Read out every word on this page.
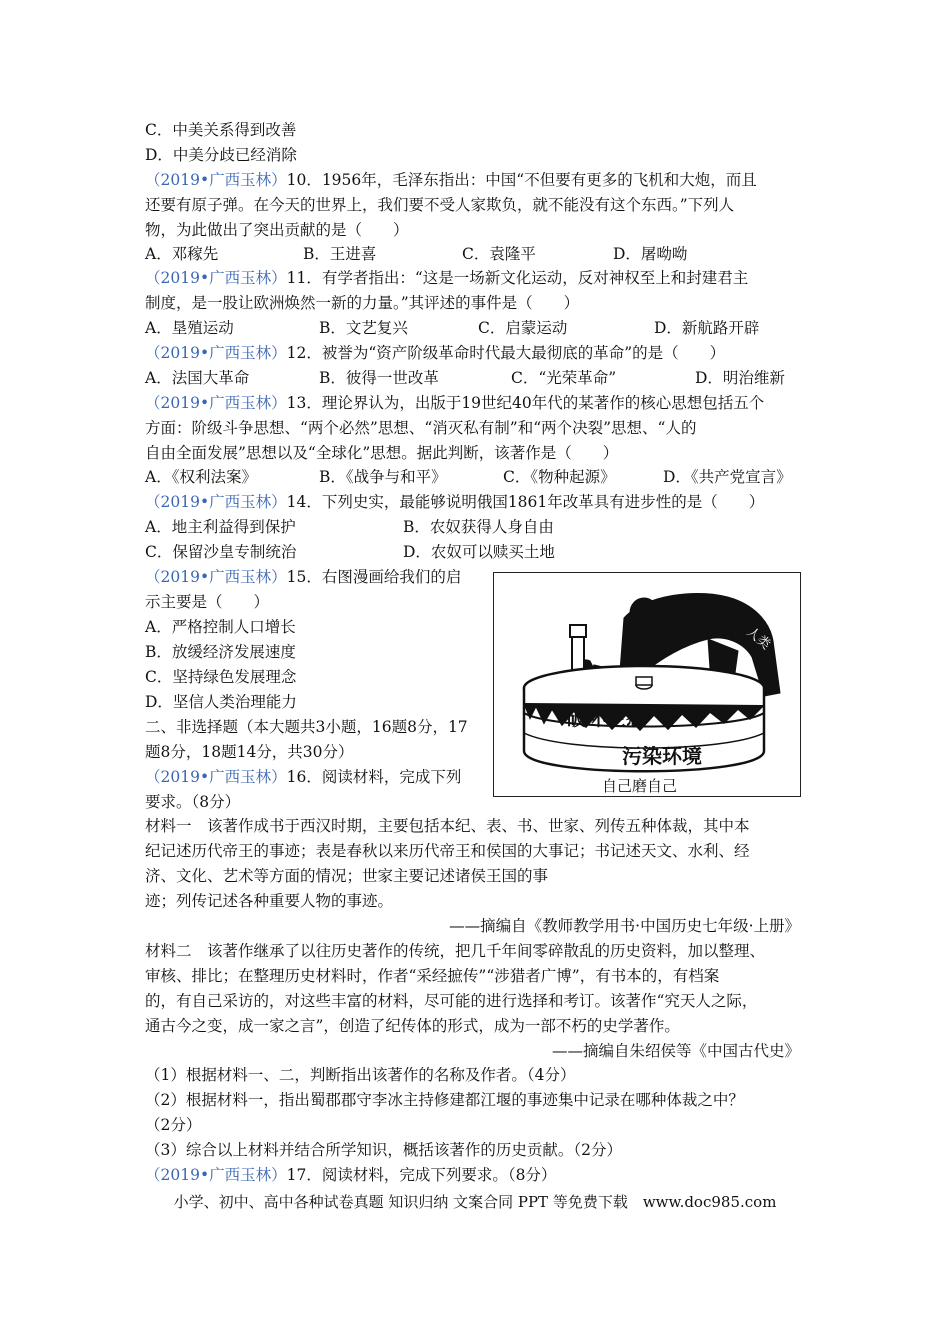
C．中美关系得到改善
D．中美分歧已经消除
（2019•广西玉林）10．1956年，毛泽东指出：中国“不但要有更多的飞机和大炮，而且
还要有原子弹。在今天的世界上，我们要不受人家欺负，就不能没有这个东西。”下列人
物，为此做出了突出贡献的是（　　）
A．邓稼先	B．王进喜	C．袁隆平	D．屠呦呦
（2019•广西玉林）11．有学者指出：“这是一场新文化运动，反对神权至上和封建君主
制度，是一股让欧洲焕然一新的力量。”其评述的事件是（　　）
A．垦殖运动	B．文艺复兴	C．启蒙运动	D．新航路开辟
（2019•广西玉林）12．被誉为“资产阶级革命时代最大最彻底的革命”的是（　　）
A．法国大革命	B．彼得一世改革	C．“光荣革命”	D．明治维新
（2019•广西玉林）13．理论界认为，出版于19世纪40年代的某著作的核心思想包括五个
方面：阶级斗争思想、“两个必然”思想、“消灭私有制”和“两个决裂”思想、“人的
自由全面发展”思想以及“全球化”思想。据此判断，该著作是（　　）
A．《权利法案》	B．《战争与和平》	C．《物种起源》	D．《共产党宣言》
（2019•广西玉林）14．下列史实，最能够说明俄国1861年改革具有进步性的是（　　）
A．地主利益得到保护	B．农奴获得人身自由
C．保留沙皇专制统治	D．农奴可以赎买土地
（2019•广西玉林）15．右图漫画给我们的启
示主要是（　　）
A．严格控制人口增长
B．放缓经济发展速度
C．坚持绿色发展理念
D．坚信人类治理能力
二、非选择题（本大题共3小题，16题8分，17
题8分，18题14分，共30分）
（2019•广西玉林）16．阅读材料，完成下列
要求。（8分）
材料一　该著作成书于西汉时期，主要包括本纪、表、书、世家、列传五种体裁，其中本
纪记述历代帝王的事迹；表是春秋以来历代帝王和侯国的大事记；书记述天文、水利、经
济、文化、艺术等方面的情况；世家主要记述诸侯王国的事
迹；列传记述各种重要人物的事迹。
——摘编自《教师教学用书·中国历史七年级·上册》
材料二　该著作继承了以往历史著作的传统，把几千年间零碎散乱的历史资料，加以整理、
审核、排比；在整理历史材料时，作者“采经摭传”“涉猎者广博”，有书本的，有档案
的，有自己采访的，对这些丰富的材料，尽可能的进行选择和考订。该著作“究天人之际，
通古今之变，成一家之言”，创造了纪传体的形式，成为一部不朽的史学著作。
——摘编自朱绍侯等《中国古代史》
（1）根据材料一、二，判断指出该著作的名称及作者。（4分）
（2）根据材料一，指出蜀郡郡守李冰主持修建都江堰的事迹集中记录在哪种体裁之中？
（2分）
（3）综合以上材料并结合所学知识，概括该著作的历史贡献。（2分）
（2019•广西玉林）17．阅读材料，完成下列要求。（8分）
小学、初中、高中各种试卷真题 知识归纳 文案合同 PPT 等免费下载　www.doc985.com
人类
破坏生态
污染环境
自己磨自己
